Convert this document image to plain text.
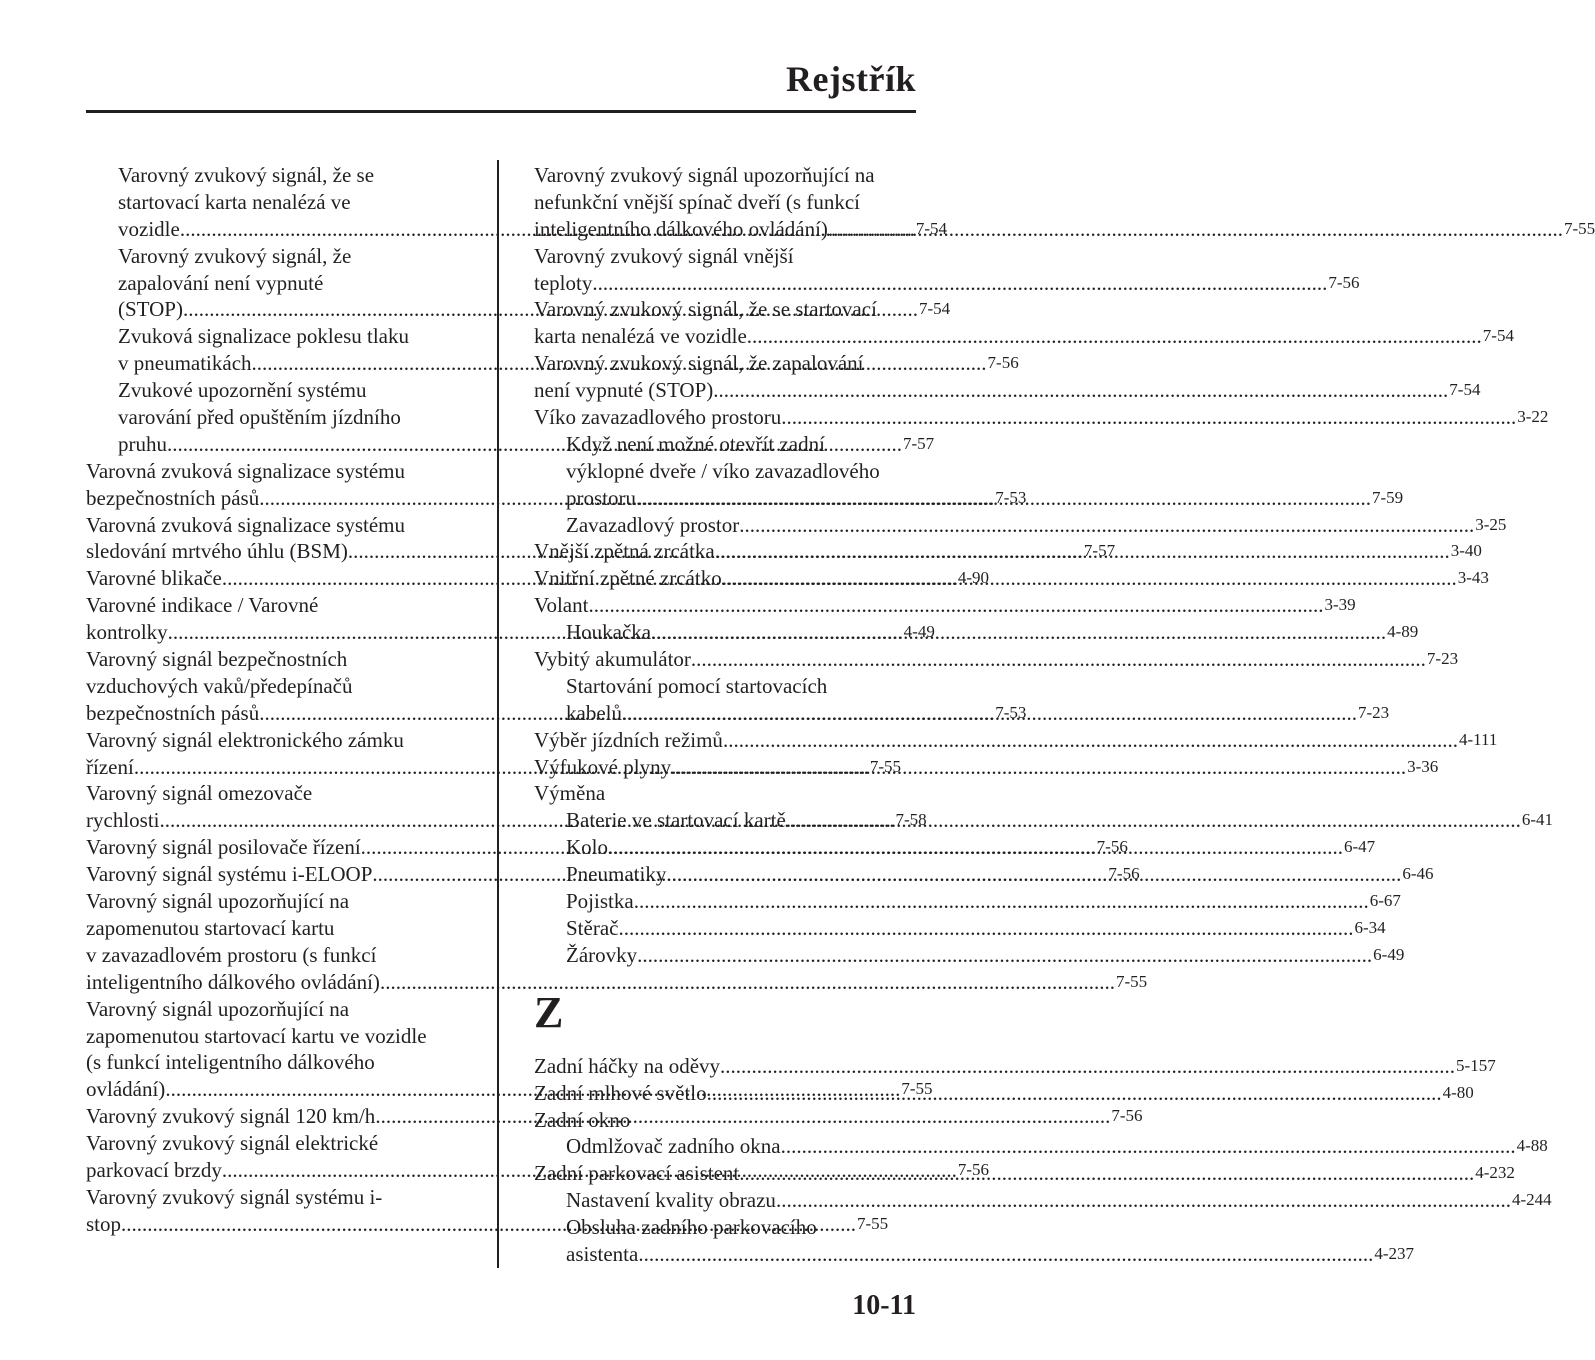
Rejstřík
Varovný zvukový signál, že se
startovací karta nenalézá ve
vozidle .....	7-54
Varovný zvukový signál, že
zapalování není vypnuté
(STOP) .....	7-54
Zvuková signalizace poklesu tlaku
v pneumatikách .....	7-56
Zvukové upozornění systému
varování před opuštěním jízdního
pruhu .....	7-57
Varovná zvuková signalizace systému
bezpečnostních pásů .....	7-53
Varovná zvuková signalizace systému
sledování mrtvého úhlu (BSM) .....	7-57
Varovné blikače .....	4-90
Varovné indikace / Varovné
kontrolky .....	4-49
Varovný signál bezpečnostních
vzduchových vaků/předepínačů
bezpečnostních pásů .....	7-53
Varovný signál elektronického zámku
řízení .....	7-55
Varovný signál omezovače
rychlosti .....	7-58
Varovný signál posilovače řízení .....	7-56
Varovný signál systému i-ELOOP .....	7-56
Varovný signál upozorňující na
zapomenutou startovací kartu
v zavazadlovém prostoru (s funkcí
inteligentního dálkového ovládání) .....	7-55
Varovný signál upozorňující na
zapomenutou startovací kartu ve vozidle
(s funkcí inteligentního dálkového
ovládání) .....	7-55
Varovný zvukový signál 120 km/h .....	7-56
Varovný zvukový signál elektrické
parkovací brzdy .....	7-56
Varovný zvukový signál systému i-
stop .....	7-55
Varovný zvukový signál upozorňující na
nefunkční vnější spínač dveří (s funkcí
inteligentního dálkového ovládání) .....	7-55
Varovný zvukový signál vnější
teploty .....	7-56
Varovný zvukový signál, že se startovací
karta nenalézá ve vozidle .....	7-54
Varovný zvukový signál, že zapalování
není vypnuté (STOP) .....	7-54
Víko zavazadlového prostoru .....	3-22
Když není možné otevřít zadní
výklopné dveře / víko zavazadlového
prostoru .....	7-59
Zavazadlový prostor .....	3-25
Vnější zpětná zrcátka .....	3-40
Vnitřní zpětné zrcátko .....	3-43
Volant .....	3-39
Houkačka .....	4-89
Vybitý akumulátor .....	7-23
Startování pomocí startovacích
kabelů .....	7-23
Výběr jízdních režimů .....	4-111
Výfukové plyny .....	3-36
Výměna
Baterie ve startovací kartě .....	6-41
Kolo .....	6-47
Pneumatiky .....	6-46
Pojistka .....	6-67
Stěrač .....	6-34
Žárovky .....	6-49
Z
Zadní háčky na oděvy .....	5-157
Zadní mlhové světlo .....	4-80
Zadní okno
Odmlžovač zadního okna .....	4-88
Zadní parkovací asistent .....	4-232
Nastavení kvality obrazu .....	4-244
Obsluha zadního parkovacího
asistenta .....	4-237
10-11
